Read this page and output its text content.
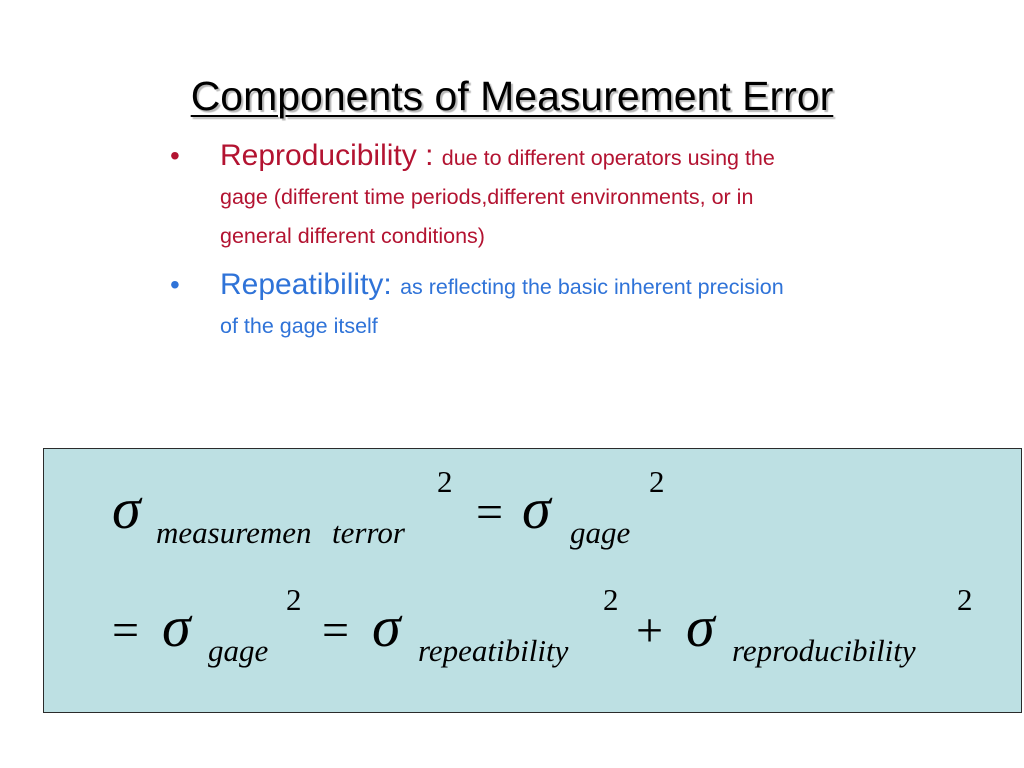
Components of Measurement Error
• Reproducibility : due to different operators using the gage (different time periods,different environments, or in general different conditions)
• Repeatibility: as reflecting the basic inherent precision of the gage itself
σ measuremen terror
2
= σ gage
2
= σ gage
2
= σ repeatibility
2
+ σ reproducibility
2
